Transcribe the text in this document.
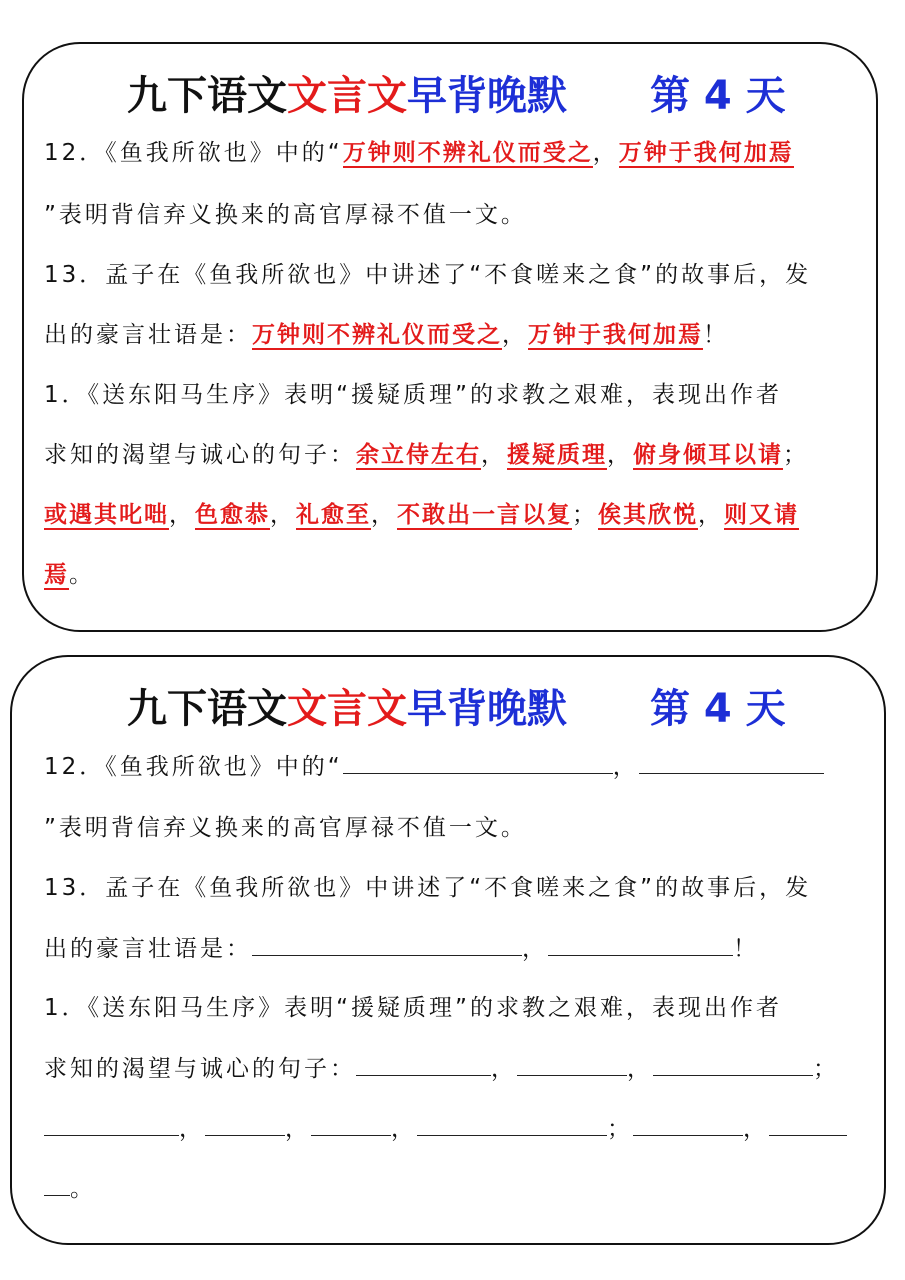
九下语文 文言文 早背晚默 第 4 天
12．《鱼我所欲也》中的“万钟则不辨礼仪而受之，万钟于我何加焉
”表明背信弃义换来的高官厚禄不值一文。
13．孟子在《鱼我所欲也》中讲述了“不食嗟来之食”的故事后，发
出的豪言壮语是：万钟则不辨礼仪而受之，万钟于我何加焉！
1．《送东阳马生序》表明“援疑质理”的求教之艰难，表现出作者
求知的渴望与诚心的句子：余立侍左右，援疑质理，俯身倾耳以请；
或遇其叱咄，色愈恭，礼愈至，不敢出一言以复；俟其欣悦，则又请
焉。
九下语文 文言文 早背晚默 第 4 天
12．《鱼我所欲也》中的“	，
”表明背信弃义换来的高官厚禄不值一文。
13．孟子在《鱼我所欲也》中讲述了“不食嗟来之食”的故事后，发
出的豪言壮语是：	，	！
1．《送东阳马生序》表明“援疑质理”的求教之艰难，表现出作者
求知的渴望与诚心的句子：	，	，	；
，	，	，	；	，
。
